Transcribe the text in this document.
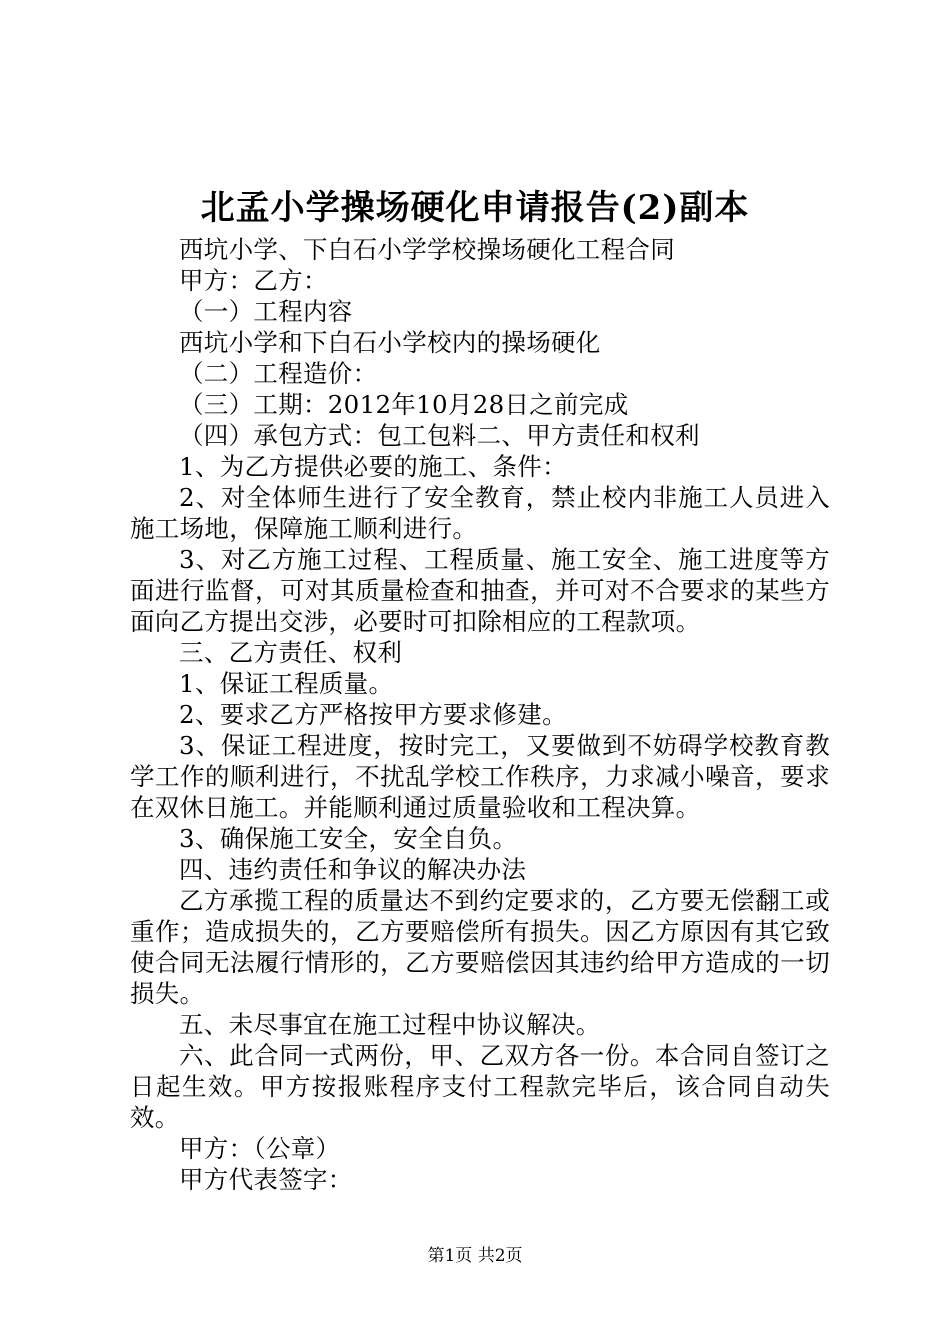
北孟小学操场硬化申请报告(2)副本

西坑小学、下白石小学学校操场硬化工程合同

甲方：乙方：

（一）工程内容

西坑小学和下白石小学校内的操场硬化

（二）工程造价：

（三）工期：2012年10月28日之前完成

（四）承包方式：包工包料二、甲方责任和权利

1、为乙方提供必要的施工、条件：

2、对全体师生进行了安全教育，禁止校内非施工人员进入施工场地，保障施工顺利进行。

3、对乙方施工过程、工程质量、施工安全、施工进度等方面进行监督，可对其质量检查和抽查，并可对不合要求的某些方面向乙方提出交涉，必要时可扣除相应的工程款项。

三、乙方责任、权利

1、保证工程质量。

2、要求乙方严格按甲方要求修建。

3、保证工程进度，按时完工，又要做到不妨碍学校教育教学工作的顺利进行，不扰乱学校工作秩序，力求减小噪音，要求在双休日施工。并能顺利通过质量验收和工程决算。

3、确保施工安全，安全自负。

四、违约责任和争议的解决办法

乙方承揽工程的质量达不到约定要求的，乙方要无偿翻工或重作；造成损失的，乙方要赔偿所有损失。因乙方原因有其它致使合同无法履行情形的，乙方要赔偿因其违约给甲方造成的一切损失。

五、未尽事宜在施工过程中协议解决。

六、此合同一式两份，甲、乙双方各一份。本合同自签订之日起生效。甲方按报账程序支付工程款完毕后，该合同自动失效。

甲方：（公章）

甲方代表签字：

第1页 共2页
